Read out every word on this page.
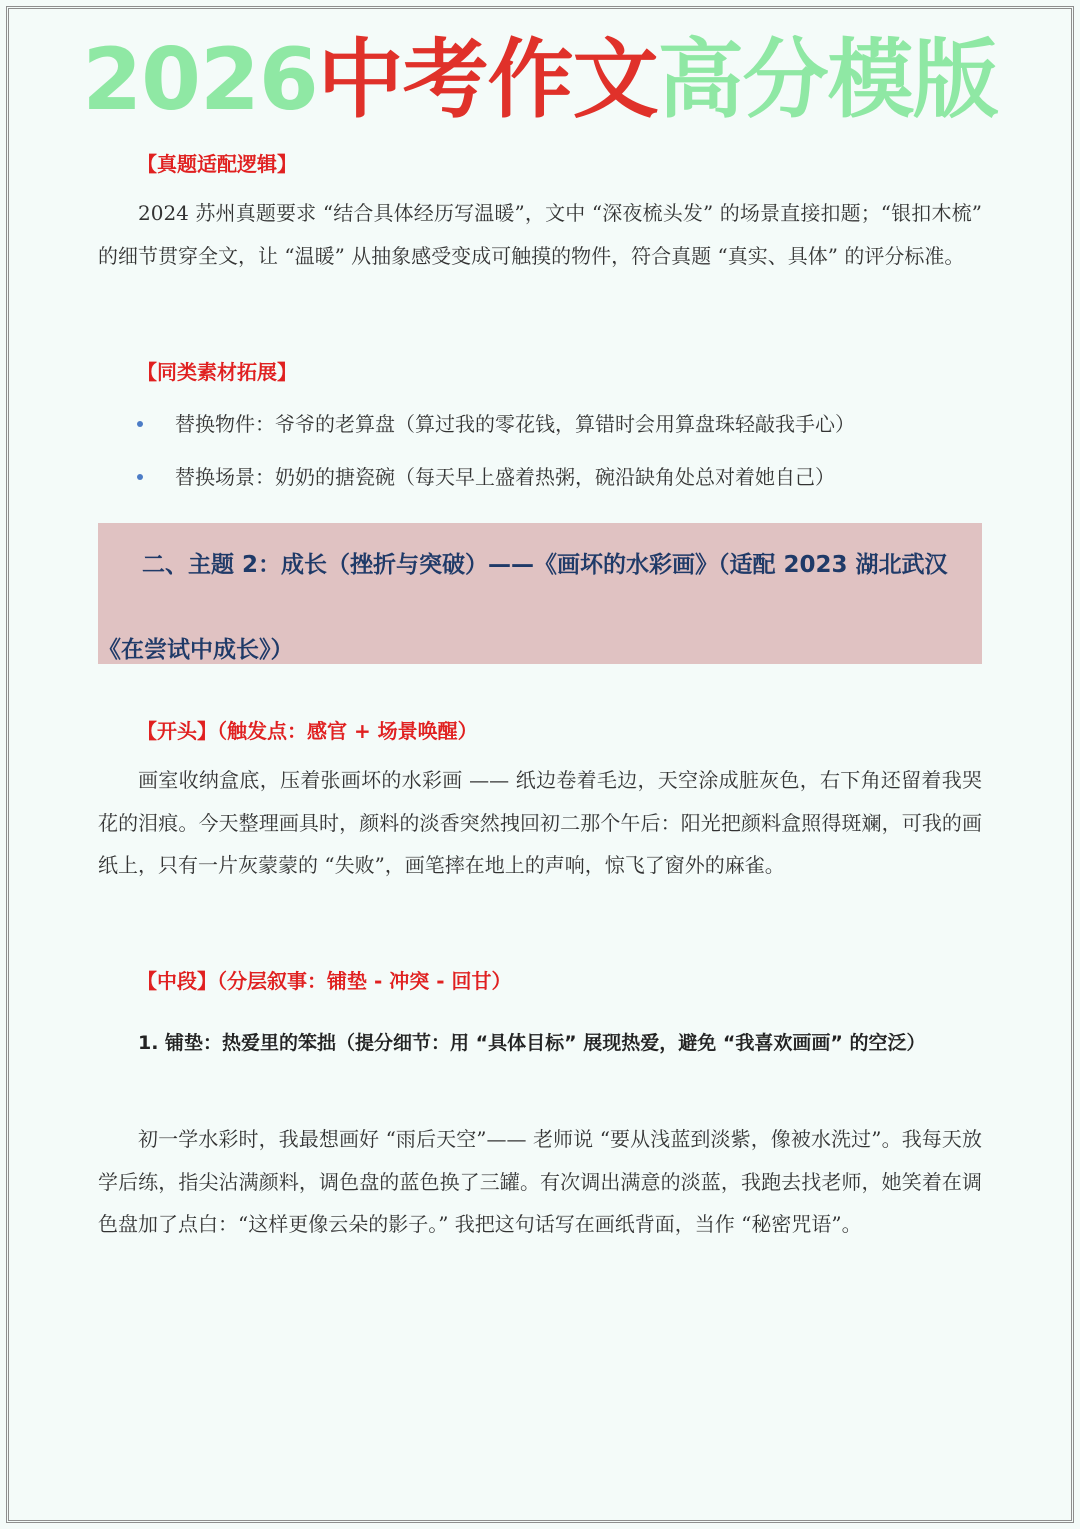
2026中考作文高分模版
【真题适配逻辑】
2024 苏州真题要求 “结合具体经历写温暖”，文中 “深夜梳头发” 的场景直接扣题；“银扣木梳” 的细节贯穿全文，让 “温暖” 从抽象感受变成可触摸的物件，符合真题 “真实、具体” 的评分标准。
【同类素材拓展】
替换物件：爷爷的老算盘（算过我的零花钱，算错时会用算盘珠轻敲我手心）
替换场景：奶奶的搪瓷碗（每天早上盛着热粥，碗沿缺角处总对着她自己）
二、主题 2：成长（挫折与突破）——《画坏的水彩画》（适配 2023 湖北武汉《在尝试中成长》）
【开头】（触发点：感官 + 场景唤醒）
画室收纳盒底，压着张画坏的水彩画 —— 纸边卷着毛边，天空涂成脏灰色，右下角还留着我哭花的泪痕。今天整理画具时，颜料的淡香突然拽回初二那个午后：阳光把颜料盒照得斑斓，可我的画纸上，只有一片灰蒙蒙的 “失败”，画笔摔在地上的声响，惊飞了窗外的麻雀。
【中段】（分层叙事：铺垫 - 冲突 - 回甘）
1. 铺垫：热爱里的笨拙（提分细节：用 “具体目标” 展现热爱，避免 “我喜欢画画” 的空泛）
初一学水彩时，我最想画好 “雨后天空”—— 老师说 “要从浅蓝到淡紫，像被水洗过”。我每天放学后练，指尖沾满颜料，调色盘的蓝色换了三罐。有次调出满意的淡蓝，我跑去找老师，她笑着在调色盘加了点白：“这样更像云朵的影子。” 我把这句话写在画纸背面，当作 “秘密咒语”。
